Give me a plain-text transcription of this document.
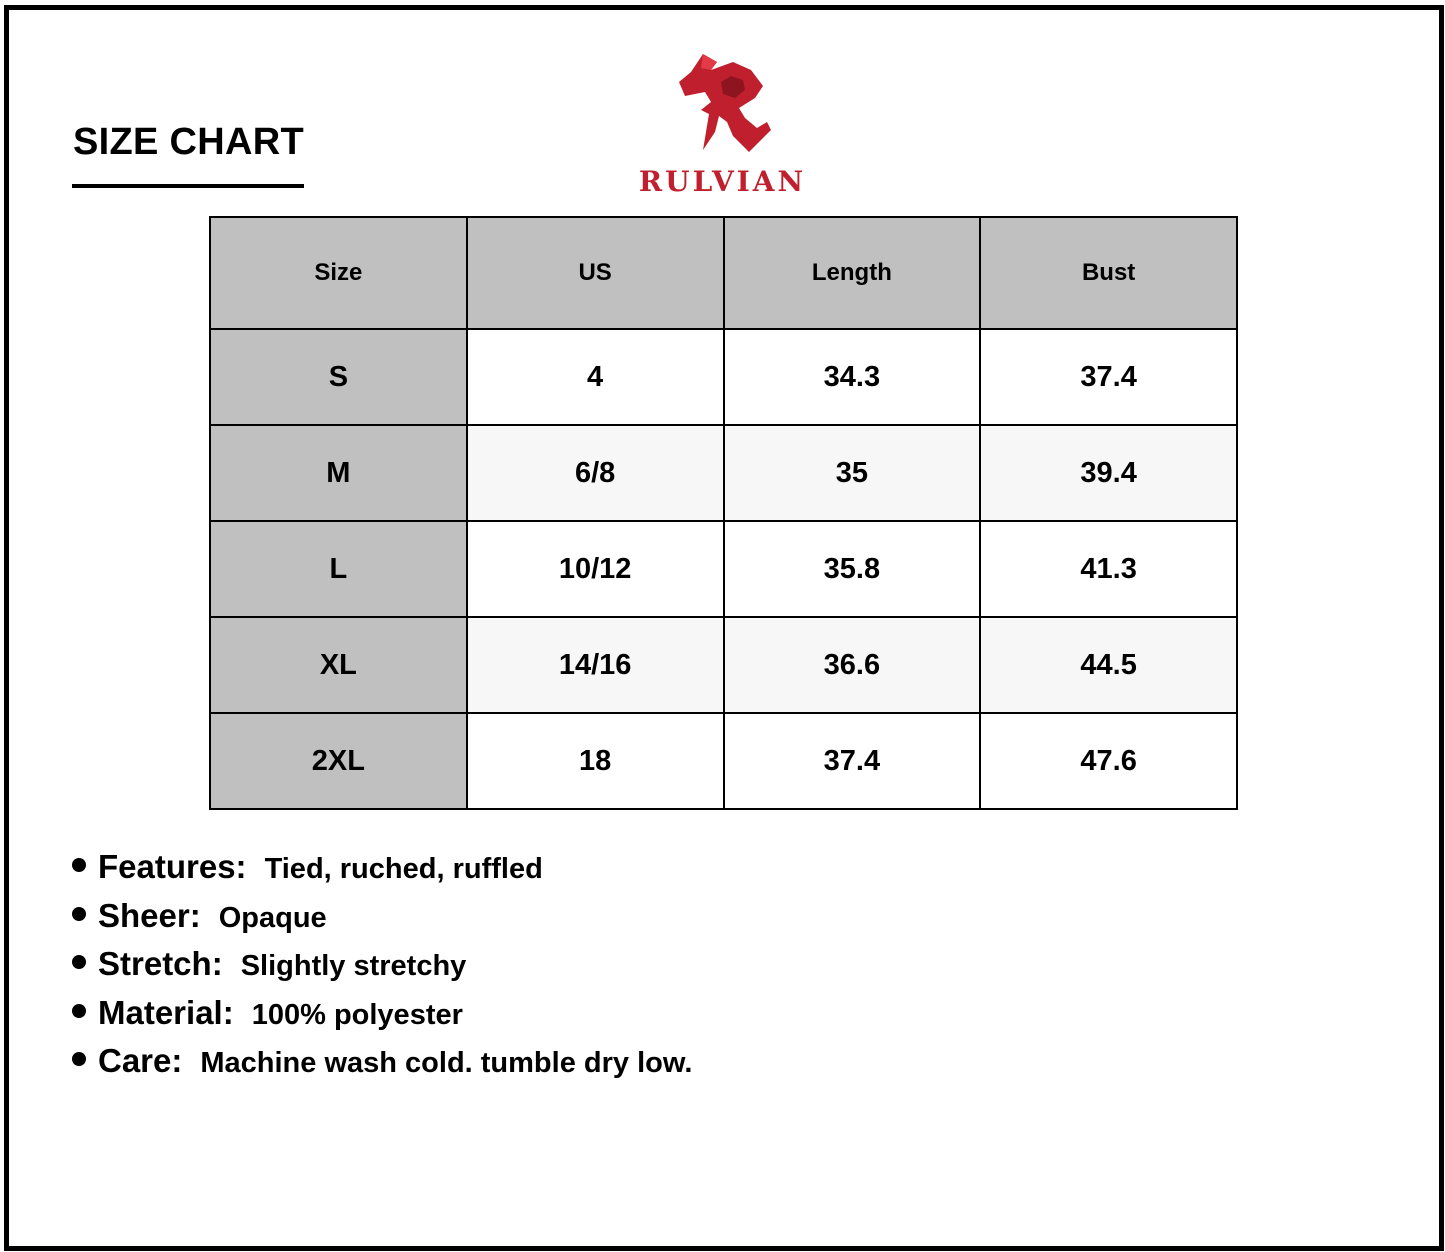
SIZE CHART
RULVIAN
Size	US	Length	Bust
S	4	34.3	37.4
M	6/8	35	39.4
L	10/12	35.8	41.3
XL	14/16	36.6	44.5
2XL	18	37.4	47.6
Features: Tied, ruched, ruffled
Sheer: Opaque
Stretch: Slightly stretchy
Material: 100% polyester
Care: Machine wash cold. tumble dry low.
